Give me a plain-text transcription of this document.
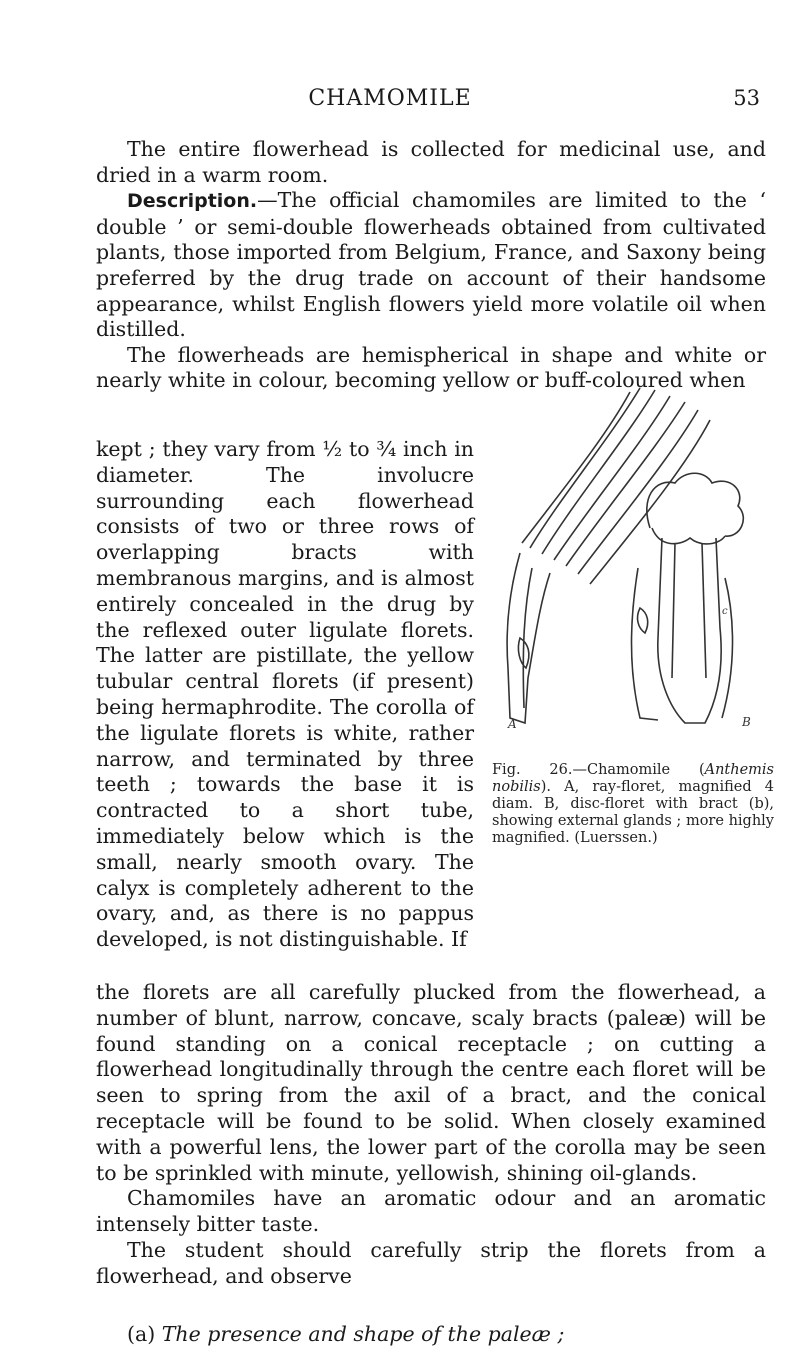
CHAMOMILE	53

The entire flowerhead is collected for medicinal use, and dried in a warm room.

Description.—The official chamomiles are limited to the ‘ double ’ or semi-double flowerheads obtained from cultivated plants, those imported from Belgium, France, and Saxony being preferred by the drug trade on account of their handsome appearance, whilst English flowers yield more volatile oil when distilled.

The flowerheads are hemispherical in shape and white or nearly white in colour, becoming yellow or buff-coloured when

kept ; they vary from ½ to ¾ inch in diameter. The involucre surrounding each flowerhead consists of two or three rows of overlapping bracts with membranous margins, and is almost entirely concealed in the drug by the reflexed outer ligulate florets. The latter are pistillate, the yellow tubular central florets (if present) being hermaphrodite. The corolla of the ligulate florets is white, rather narrow, and terminated by three teeth ; towards the base it is contracted to a short tube, immediately below which is the small, nearly smooth ovary. The calyx is completely adherent to the ovary, and, as there is no pappus developed, is not distinguishable. If

A	B
c
Fig. 26.—Chamomile (Anthemis nobilis). A, ray-floret, magnified 4 diam. B, disc-floret with bract (b), showing external glands ; more highly magnified. (Luerssen.)

the florets are all carefully plucked from the flowerhead, a number of blunt, narrow, concave, scaly bracts (paleæ) will be found standing on a conical receptacle ; on cutting a flowerhead longitudinally through the centre each floret will be seen to spring from the axil of a bract, and the conical receptacle will be found to be solid. When closely examined with a powerful lens, the lower part of the corolla may be seen to be sprinkled with minute, yellowish, shining oil-glands.

Chamomiles have an aromatic odour and an aromatic intensely bitter taste.

The student should carefully strip the florets from a flowerhead, and observe

(a) The presence and shape of the paleæ ;
